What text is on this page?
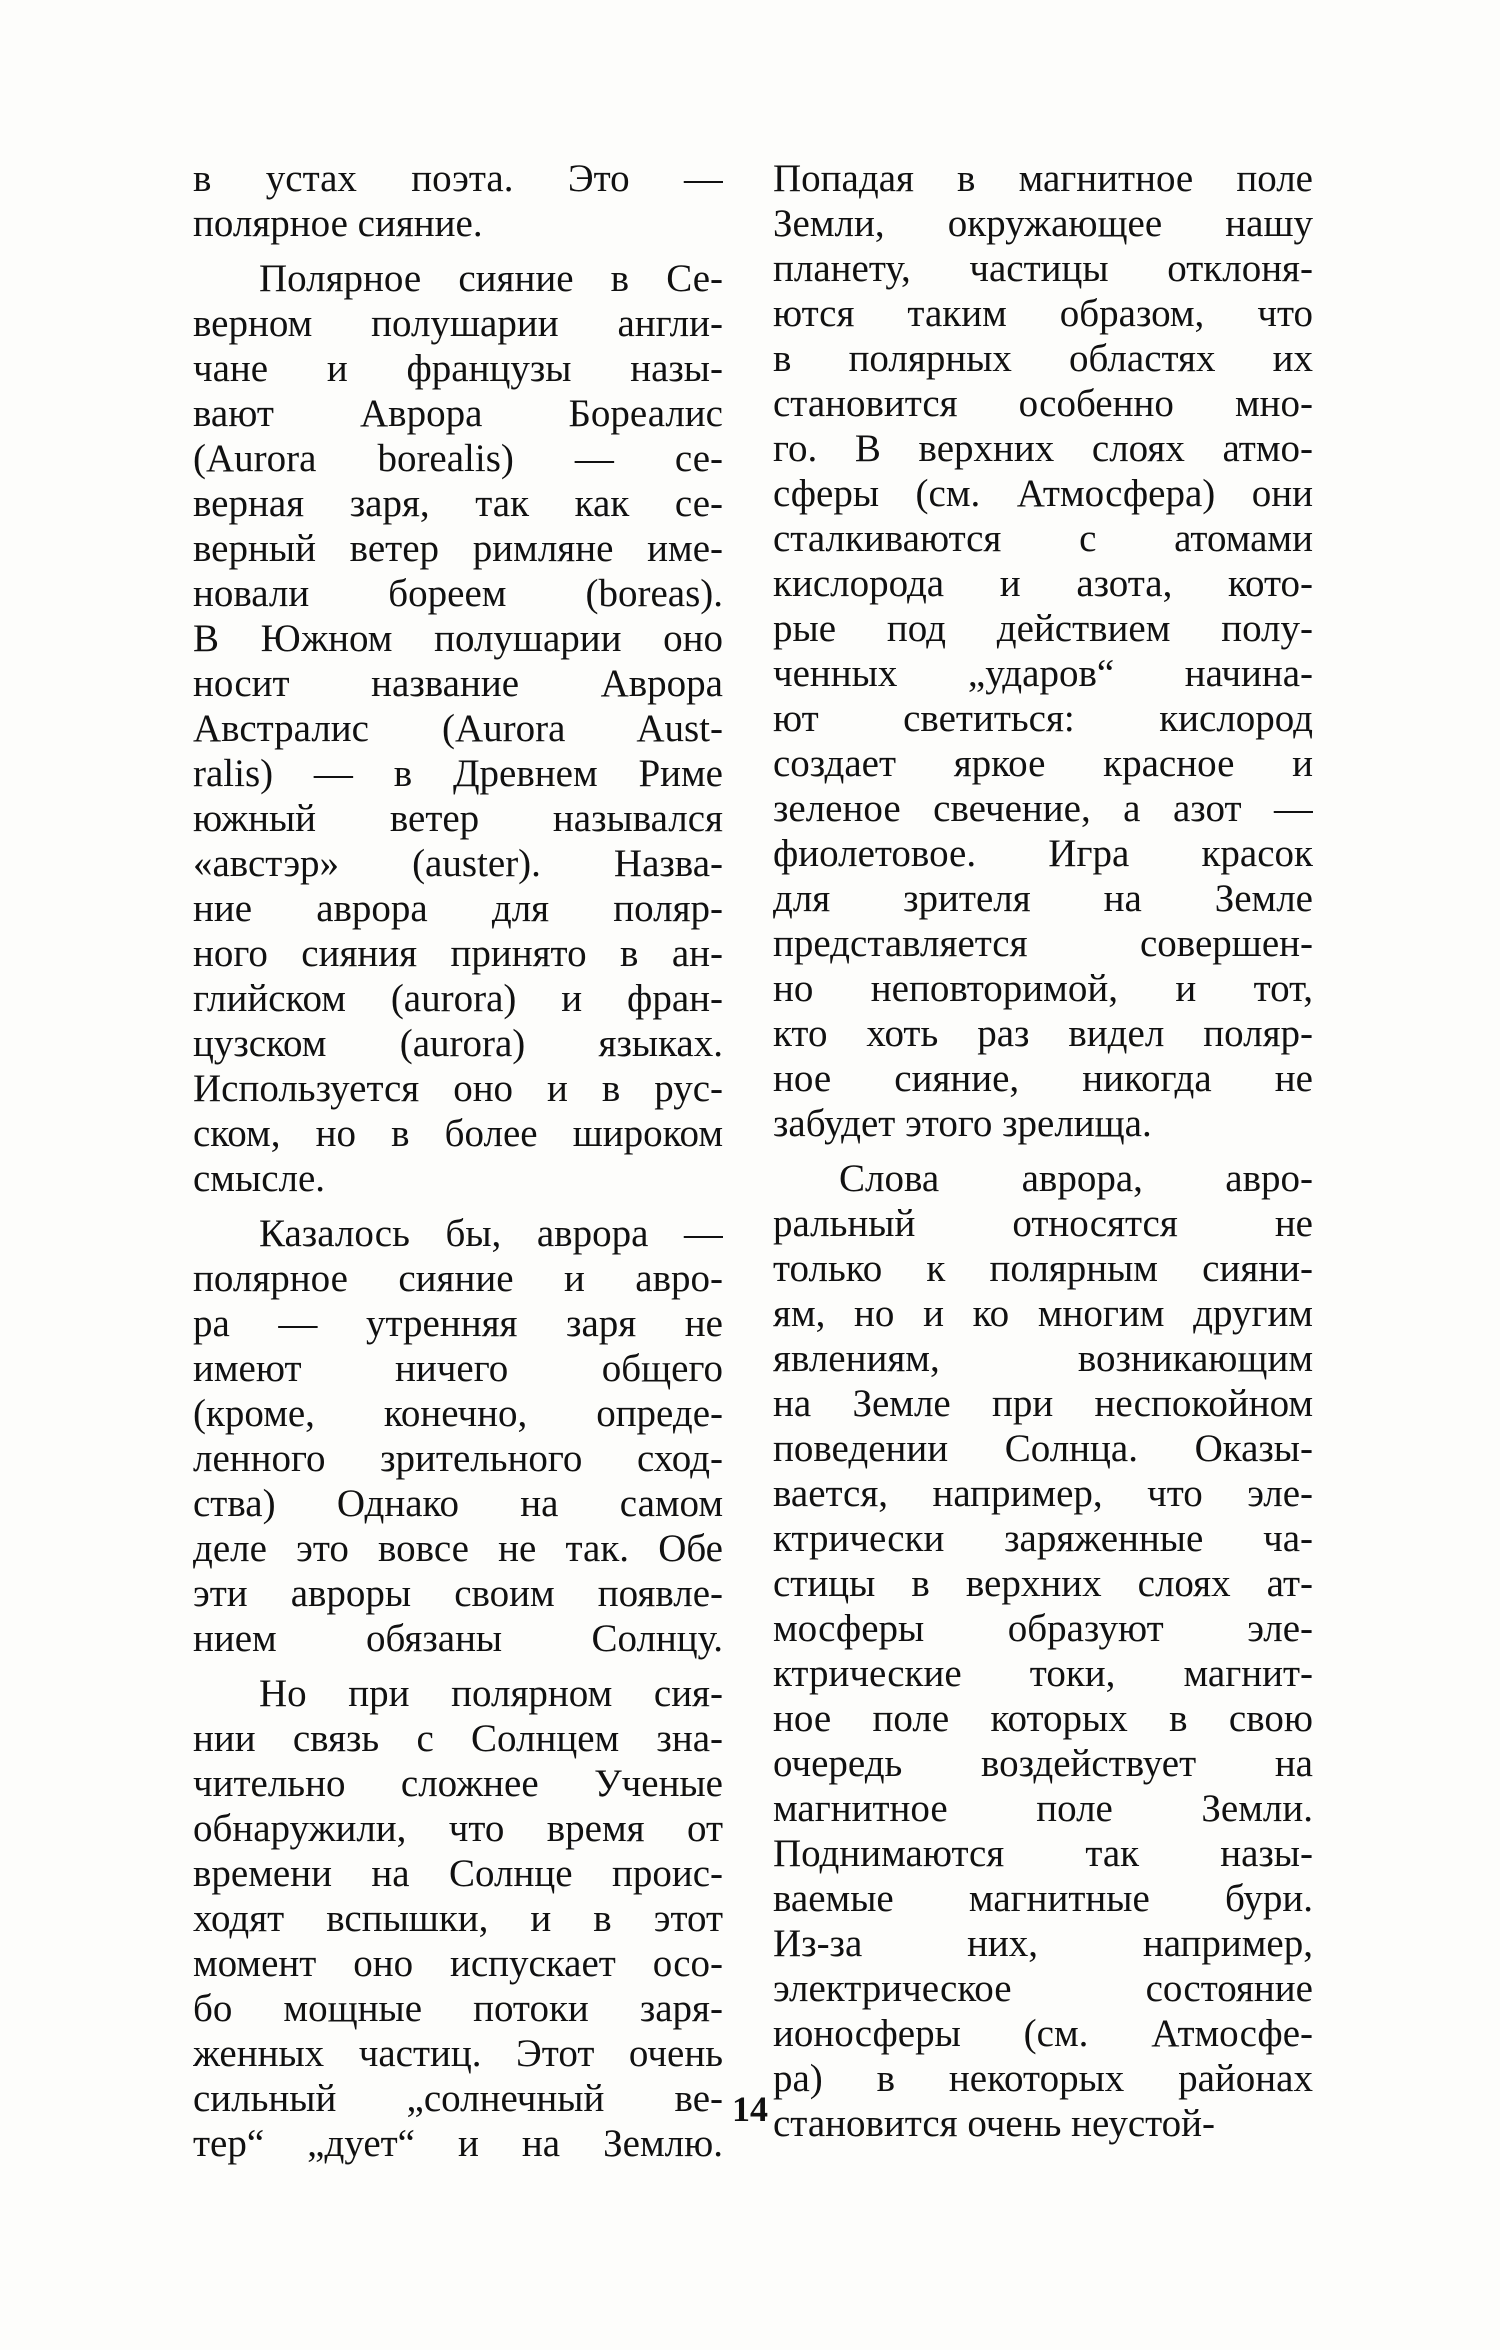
в устах поэта. Это —
полярное сияние.

Полярное сияние в Се-
верном полушарии англи-
чане и французы назы-
вают Аврора Бореалис
(Aurora borealis) — се-
верная заря, так как се-
верный ветер римляне име-
новали бореем (boreas).
В Южном полушарии оно
носит название Аврора
Австралис (Aurora Aust-
ralis) — в Древнем Риме
южный ветер назывался
«австэр» (auster). Назва-
ние аврора для поляр-
ного сияния принято в ан-
глийском (aurora) и фран-
цузском (aurora) языках.
Используется оно и в рус-
ском, но в более широком
смысле.

Казалось бы, аврора —
полярное сияние и авро-
ра — утренняя заря не
имеют ничего общего
(кроме, конечно, опреде-
ленного зрительного сход-
ства) Однако на самом
деле это вовсе не так. Обе
эти авроры своим появле-
нием обязаны Солнцу.

Но при полярном сия-
нии связь с Солнцем зна-
чительно сложнее Ученые
обнаружили, что время от
времени на Солнце проис-
ходят вспышки, и в этот
момент оно испускает осо-
бо мощные потоки заря-
женных частиц. Этот очень
сильный „солнечный ве-
тер“ „дует“ и на Землю.

Попадая в магнитное поле
Земли, окружающее нашу
планету, частицы отклоня-
ются таким образом, что
в полярных областях их
становится особенно мно-
го. В верхних слоях атмо-
сферы (см. Атмосфера) они
сталкиваются с атомами
кислорода и азота, кото-
рые под действием полу-
ченных „ударов“ начина-
ют светиться: кислород
создает яркое красное и
зеленое свечение, а азот —
фиолетовое. Игра красок
для зрителя на Земле
представляется совершен-
но неповторимой, и тот,
кто хоть раз видел поляр-
ное сияние, никогда не
забудет этого зрелища.

Слова аврора, авро-
ральный относятся не
только к полярным сияни-
ям, но и ко многим другим
явлениям, возникающим
на Земле при неспокойном
поведении Солнца. Оказы-
вается, например, что эле-
ктрически заряженные ча-
стицы в верхних слоях ат-
мосферы образуют эле-
ктрические токи, магнит-
ное поле которых в свою
очередь воздействует на
магнитное поле Земли.
Поднимаются так назы-
ваемые магнитные бури.
Из-за них, например,
электрическое состояние
ионосферы (см. Атмосфе-
ра) в некоторых районах
становится очень неустой-

14
